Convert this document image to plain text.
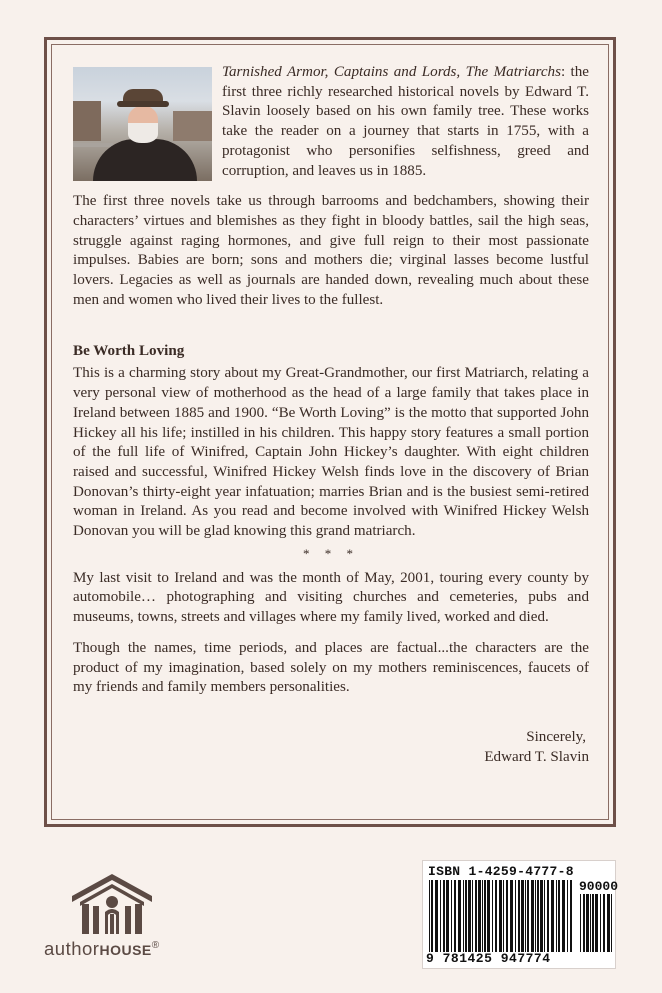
Tarnished Armor, Captains and Lords, The Matriarchs: the first three richly researched historical novels by Edward T. Slavin loosely based on his own family tree. These works take the reader on a journey that starts in 1755, with a protagonist who personifies selfishness, greed and corruption, and leaves us in 1885.

The first three novels take us through barrooms and bedchambers, showing their characters’ virtues and blemishes as they fight in bloody battles, sail the high seas, struggle against raging hormones, and give full reign to their most passionate impulses. Babies are born; sons and mothers die; virginal lasses become lustful lovers. Legacies as well as journals are handed down, revealing much about these men and women who lived their lives to the fullest.

Be Worth Loving

This is a charming story about my Great-Grandmother, our first Matriarch, relating a very personal view of motherhood as the head of a large family that takes place in Ireland between 1885 and 1900. “Be Worth Loving” is the motto that supported John Hickey all his life; instilled in his children. This happy story features a small portion of the full life of Winifred, Captain John Hickey’s daughter. With eight children raised and successful, Winifred Hickey Welsh finds love in the discovery of Brian Donovan’s thirty-eight year infatuation; marries Brian and is the busiest semi-retired woman in Ireland. As you read and become involved with Winifred Hickey Welsh Donovan you will be glad knowing this grand matriarch.

* * *

My last visit to Ireland and was the month of May, 2001, touring every county by automobile… photographing and visiting churches and cemeteries, pubs and museums, towns, streets and villages where my family lived, worked and died.

Though the names, time periods, and places are factual...the characters are the product of my imagination, based solely on my mothers reminiscences, faucets of my friends and family members personalities.

Sincerely,
Edward T. Slavin
authorHOUSE®
ISBN 1-4259-4777-8
90000
9 781425 947774
